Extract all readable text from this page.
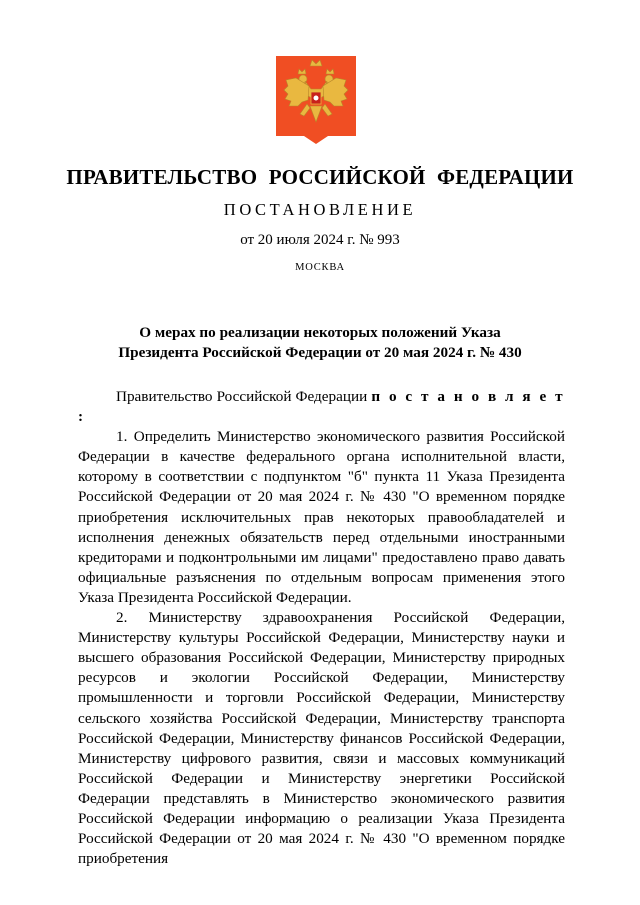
ПРАВИТЕЛЬСТВО РОССИЙСКОЙ ФЕДЕРАЦИИ
ПОСТАНОВЛЕНИЕ
от 20 июля 2024 г. № 993
МОСКВА
О мерах по реализации некоторых положений Указа
Президента Российской Федерации от 20 мая 2024 г. № 430

Правительство Российской Федерации п о с т а н о в л я е т :

1. Определить Министерство экономического развития Российской Федерации в качестве федерального органа исполнительной власти, которому в соответствии с подпунктом "б" пункта 11 Указа Президента Российской Федерации от 20 мая 2024 г. № 430 "О временном порядке приобретения исключительных прав некоторых правообладателей и исполнения денежных обязательств перед отдельными иностранными кредиторами и подконтрольными им лицами" предоставлено право давать официальные разъяснения по отдельным вопросам применения этого Указа Президента Российской Федерации.

2. Министерству здравоохранения Российской Федерации, Министерству культуры Российской Федерации, Министерству науки и высшего образования Российской Федерации, Министерству природных ресурсов и экологии Российской Федерации, Министерству промышленности и торговли Российской Федерации, Министерству сельского хозяйства Российской Федерации, Министерству транспорта Российской Федерации, Министерству финансов Российской Федерации, Министерству цифрового развития, связи и массовых коммуникаций Российской Федерации и Министерству энергетики Российской Федерации представлять в Министерство экономического развития Российской Федерации информацию о реализации Указа Президента Российской Федерации от 20 мая 2024 г. № 430 "О временном порядке приобретения
